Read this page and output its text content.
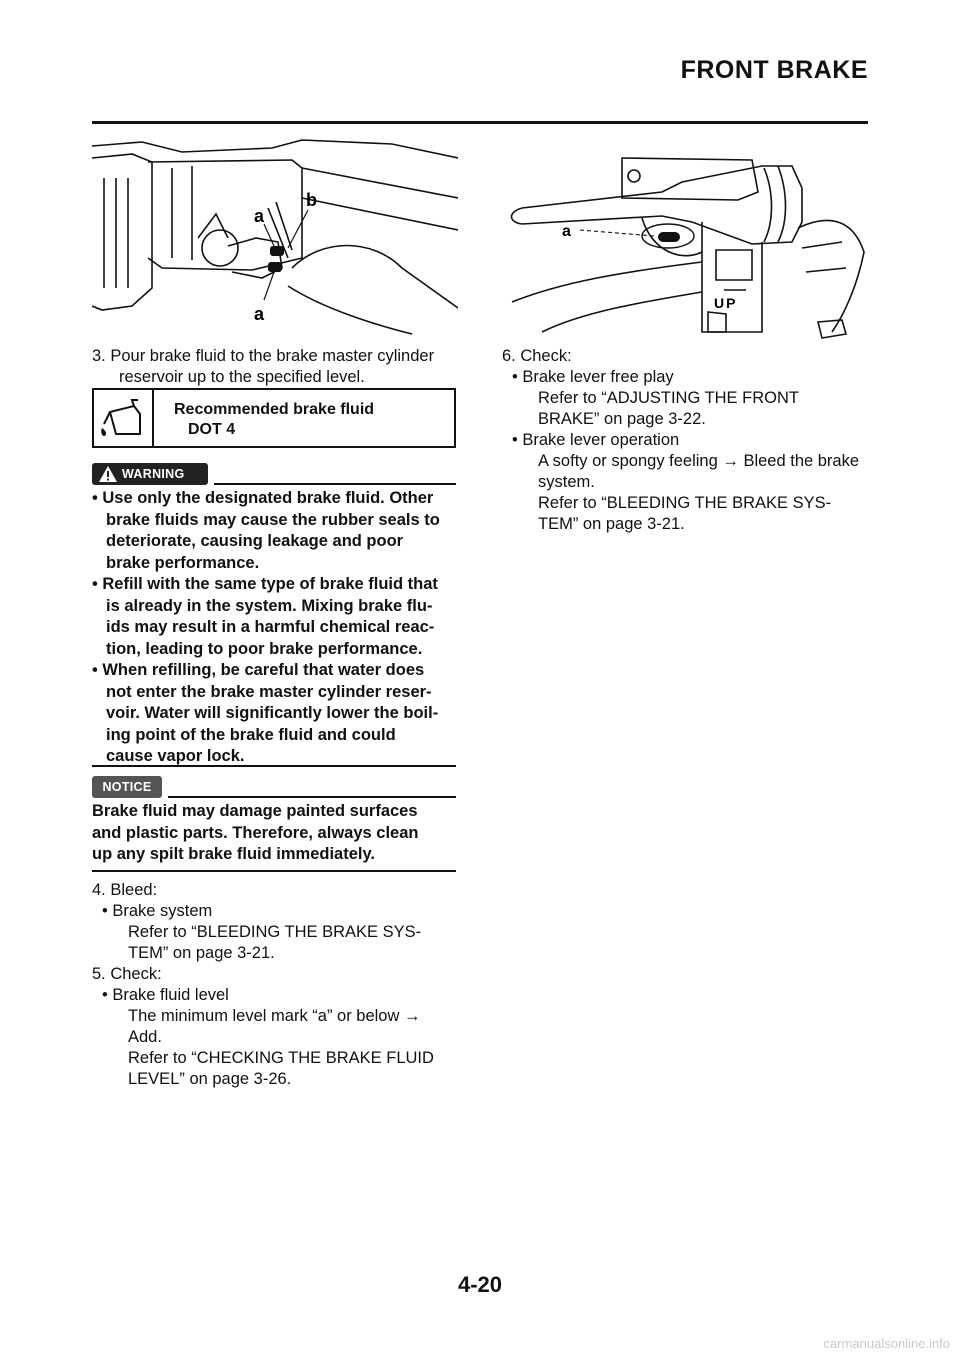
FRONT BRAKE
a
b
a
a
UP

3. Pour brake fluid to the brake master cylinder

reservoir up to the specified level.

Recommended brake fluid
DOT 4
WARNING

• Use only the designated brake fluid. Other

brake fluids may cause the rubber seals to

deteriorate, causing leakage and poor

brake performance.

• Refill with the same type of brake fluid that

is already in the system. Mixing brake flu-

ids may result in a harmful chemical reac-

tion, leading to poor brake performance.

• When refilling, be careful that water does

not enter the brake master cylinder reser-

voir. Water will significantly lower the boil-

ing point of the brake fluid and could

cause vapor lock.

NOTICE

Brake fluid may damage painted surfaces

and plastic parts. Therefore, always clean

up any spilt brake fluid immediately.

4. Bleed:

• Brake system

Refer to “BLEEDING THE BRAKE SYS-

TEM” on page 3-21.

5. Check:

• Brake fluid level

The minimum level mark “a” or below →

Add.

Refer to “CHECKING THE BRAKE FLUID

LEVEL” on page 3-26.

6. Check:

• Brake lever free play

Refer to “ADJUSTING THE FRONT

BRAKE” on page 3-22.

• Brake lever operation

A softy or spongy feeling → Bleed the brake

system.

Refer to “BLEEDING THE BRAKE SYS-

TEM” on page 3-21.

4-20
carmanualsonline.info
